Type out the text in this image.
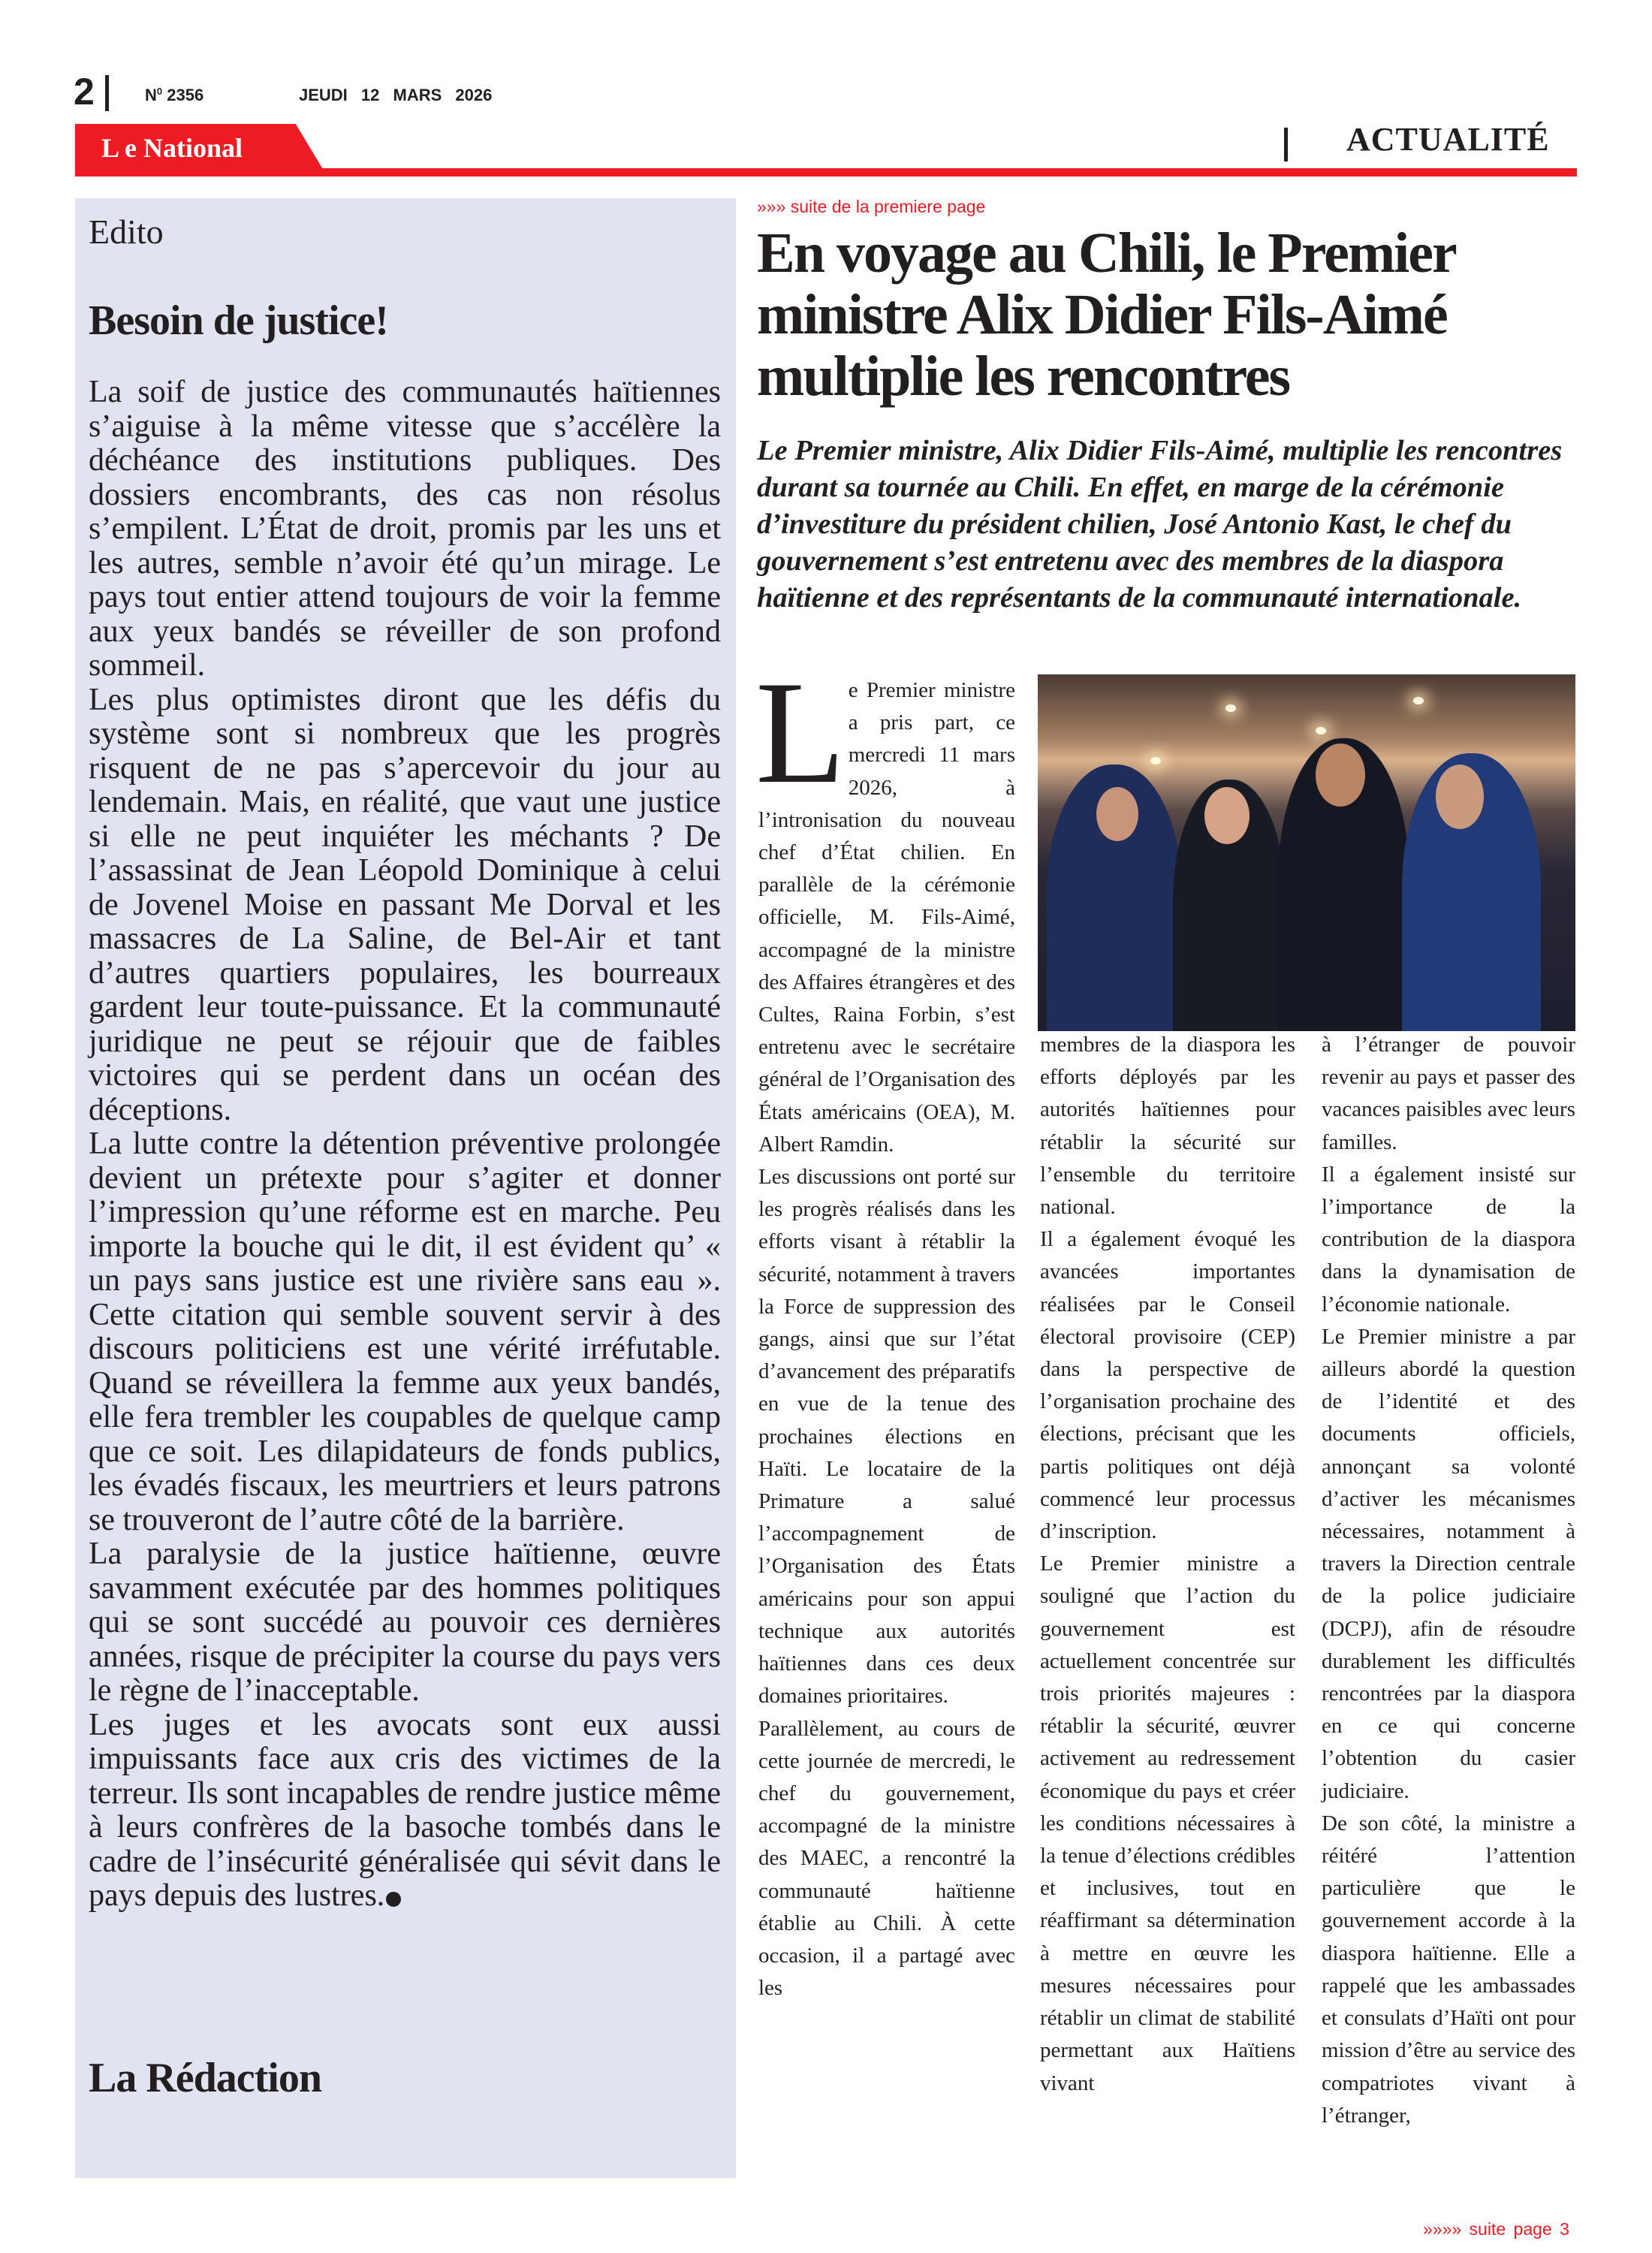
2	$N^0$ 2356	JEUDI 12 MARS 2026
L e National	ACTUALITÉ
Edito
Besoin de justice!

La soif de justice des communautés haïtiennes s’aiguise à la même vitesse que s’accélère la déchéance des institutions publiques. Des dossiers encombrants, des cas non résolus s’empilent. L’État de droit, promis par les uns et les autres, semble n’avoir été qu’un mirage. Le pays tout entier attend toujours de voir la femme aux yeux bandés se réveiller de son profond sommeil.

Les plus optimistes diront que les défis du système sont si nombreux que les progrès risquent de ne pas s’apercevoir du jour au lendemain. Mais, en réalité, que vaut une justice si elle ne peut inquiéter les méchants ? De l’assassinat de Jean Léopold Dominique à celui de Jovenel Moise en passant Me Dorval et les massacres de La Saline, de Bel-Air et tant d’autres quartiers populaires, les bourreaux gardent leur toute-puissance. Et la communauté juridique ne peut se réjouir que de faibles victoires qui se perdent dans un océan des déceptions.

La lutte contre la détention préventive prolongée devient un prétexte pour s’agiter et donner l’impression qu’une réforme est en marche. Peu importe la bouche qui le dit, il est évident qu’ « un pays sans justice est une rivière sans eau ». Cette citation qui semble souvent servir à des discours politiciens est une vérité irréfutable. Quand se réveillera la femme aux yeux bandés, elle fera trembler les coupables de quelque camp que ce soit. Les dilapidateurs de fonds publics, les évadés fiscaux, les meurtriers et leurs patrons se trouveront de l’autre côté de la barrière.

La paralysie de la justice haïtienne, œuvre savamment exécutée par des hommes politiques qui se sont succédé au pouvoir ces dernières années, risque de précipiter la course du pays vers le règne de l’inacceptable.

Les juges et les avocats sont eux aussi impuissants face aux cris des victimes de la terreur. Ils sont incapables de rendre justice même à leurs confrères de la basoche tombés dans le cadre de l’insécurité généralisée qui sévit dans le pays depuis des lustres.

La Rédaction
»»» suite de la premiere page
En voyage au Chili, le Premier ministre Alix Didier Fils-Aimé multiplie les rencontres
Le Premier ministre, Alix Didier Fils-Aimé, multiplie les rencontres durant sa tournée au Chili. En effet, en marge de la cérémonie d’investiture du président chilien, José Antonio Kast, le chef du gouvernement s’est entretenu avec des membres de la diaspora haïtienne et des représentants de la communauté internationale.

Le Premier ministre a pris part, ce mercredi 11 mars 2026, à l’intronisation du nouveau chef d’État chilien. En parallèle de la cérémonie officielle, M. Fils-Aimé, accompagné de la ministre des Affaires étrangères et des Cultes, Raina Forbin, s’est entretenu avec le secrétaire général de l’Organisation des États américains (OEA), M. Albert Ramdin.

Les discussions ont porté sur les progrès réalisés dans les efforts visant à rétablir la sécurité, notamment à travers la Force de suppression des gangs, ainsi que sur l’état d’avancement des préparatifs en vue de la tenue des prochaines élections en Haïti. Le locataire de la Primature a salué l’accompagnement de l’Organisation des États américains pour son appui technique aux autorités haïtiennes dans ces deux domaines prioritaires.

Parallèlement, au cours de cette journée de mercredi, le chef du gouvernement, accompagné de la ministre des MAEC, a rencontré la communauté haïtienne établie au Chili. À cette occasion, il a partagé avec les

membres de la diaspora les efforts déployés par les autorités haïtiennes pour rétablir la sécurité sur l’ensemble du territoire national.

Il a également évoqué les avancées importantes réalisées par le Conseil électoral provisoire (CEP) dans la perspective de l’organisation prochaine des élections, précisant que les partis politiques ont déjà commencé leur processus d’inscription.

Le Premier ministre a souligné que l’action du gouvernement est actuellement concentrée sur trois priorités majeures : rétablir la sécurité, œuvrer activement au redressement économique du pays et créer les conditions nécessaires à la tenue d’élections crédibles et inclusives, tout en réaffirmant sa détermination à mettre en œuvre les mesures nécessaires pour rétablir un climat de stabilité permettant aux Haïtiens vivant

à l’étranger de pouvoir revenir au pays et passer des vacances paisibles avec leurs familles.

Il a également insisté sur l’importance de la contribution de la diaspora dans la dynamisation de l’économie nationale.

Le Premier ministre a par ailleurs abordé la question de l’identité et des documents officiels, annonçant sa volonté d’activer les mécanismes nécessaires, notamment à travers la Direction centrale de la police judiciaire (DCPJ), afin de résoudre durablement les difficultés rencontrées par la diaspora en ce qui concerne l’obtention du casier judiciaire.

De son côté, la ministre a réitéré l’attention particulière que le gouvernement accorde à la diaspora haïtienne. Elle a rappelé que les ambassades et consulats d’Haïti ont pour mission d’être au service des compatriotes vivant à l’étranger,

»»»» suite page 3
